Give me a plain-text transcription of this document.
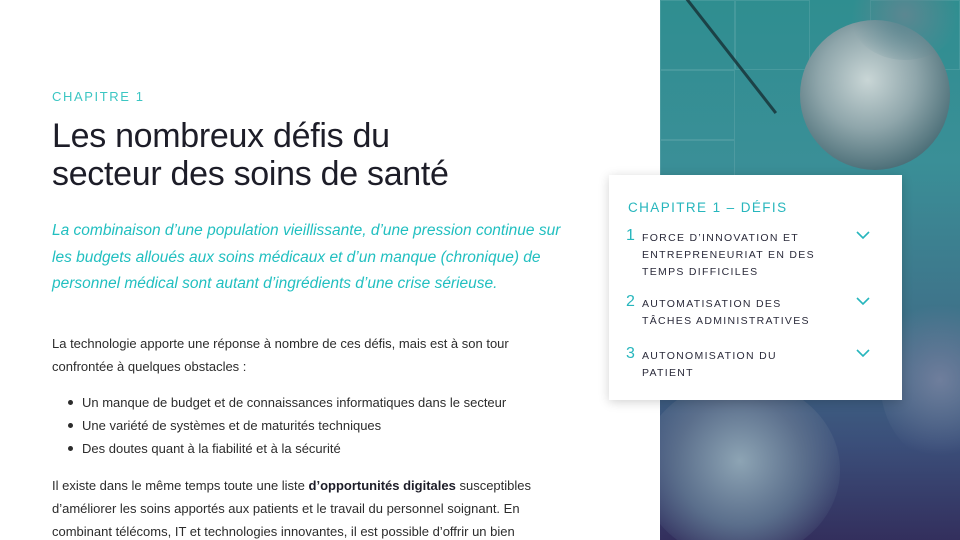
CHAPITRE 1
Les nombreux défis du
secteur des soins de santé

La combinaison d’une population vieillissante, d’une pression continue sur les budgets alloués aux soins médicaux et d’un manque (chronique) de personnel médical sont autant d’ingrédients d’une crise sérieuse.

La technologie apporte une réponse à nombre de ces défis, mais est à son tour confrontée à quelques obstacles :

Un manque de budget et de connaissances informatiques dans le secteur
Une variété de systèmes et de maturités techniques
Des doutes quant à la fiabilité et à la sécurité

Il existe dans le même temps toute une liste d’opportunités digitales susceptibles d’améliorer les soins apportés aux patients et le travail du personnel soignant. En combinant télécoms, IT et technologies innovantes, il est possible d’offrir un bien

CHAPITRE 1 – DÉFIS
1 FORCE D’INNOVATION ET ENTREPRENEURIAT EN DES TEMPS DIFFICILES
2 AUTOMATISATION DES TÂCHES ADMINISTRATIVES
3 AUTONOMISATION DU PATIENT
